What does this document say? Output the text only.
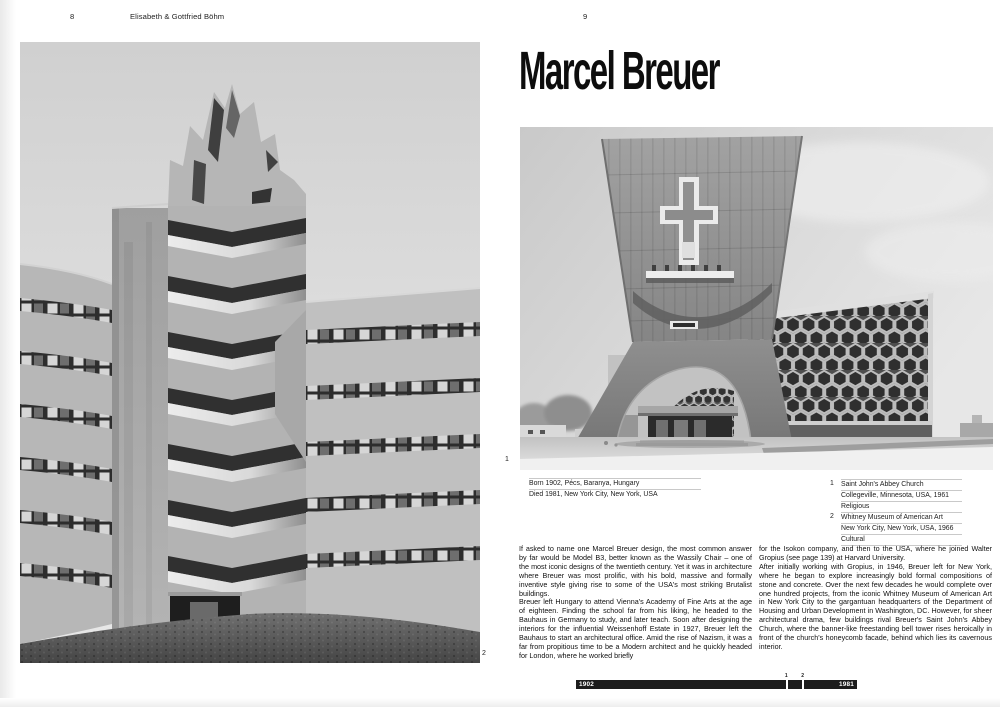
8	Elisabeth & Gottfried Böhm	9
2
Marcel Breuer
1
Born 1902, Pécs, Baranya, Hungary
Died 1981, New York City, New York, USA
1 Saint John's Abbey Church
Collegeville, Minnesota, USA, 1961
Religious
2 Whitney Museum of American Art
New York City, New York, USA, 1966
Cultural

If asked to name one Marcel Breuer design, the most common answer by far would be Model B3, better known as the Wassily Chair – one of the most iconic designs of the twentieth century. Yet it was in architecture where Breuer was most prolific, with his bold, massive and formally inventive style giving rise to some of the USA's most striking Brutalist buildings.

Breuer left Hungary to attend Vienna's Academy of Fine Arts at the age of eighteen. Finding the school far from his liking, he headed to the Bauhaus in Germany to study, and later teach. Soon after designing the interiors for the influential Weissenhoff Estate in 1927, Breuer left the Bauhaus to start an architectural office. Amid the rise of Nazism, it was a far from propitious time to be a Modern architect and he quickly headed for London, where he worked briefly

for the Isokon company, and then to the USA, where he joined Walter Gropius (see page 139) at Harvard University.

After initially working with Gropius, in 1946, Breuer left for New York, where he began to explore increasingly bold formal compositions of stone and concrete. Over the next few decades he would complete over one hundred projects, from the iconic Whitney Museum of American Art in New York City to the gargantuan headquarters of the Department of Housing and Urban Development in Washington, DC. However, for sheer architectural drama, few buildings rival Breuer's Saint John's Abbey Church, where the banner-like freestanding bell tower rises heroically in front of the church's honeycomb facade, behind which lies its cavernous interior.

1902	1981
1	2
